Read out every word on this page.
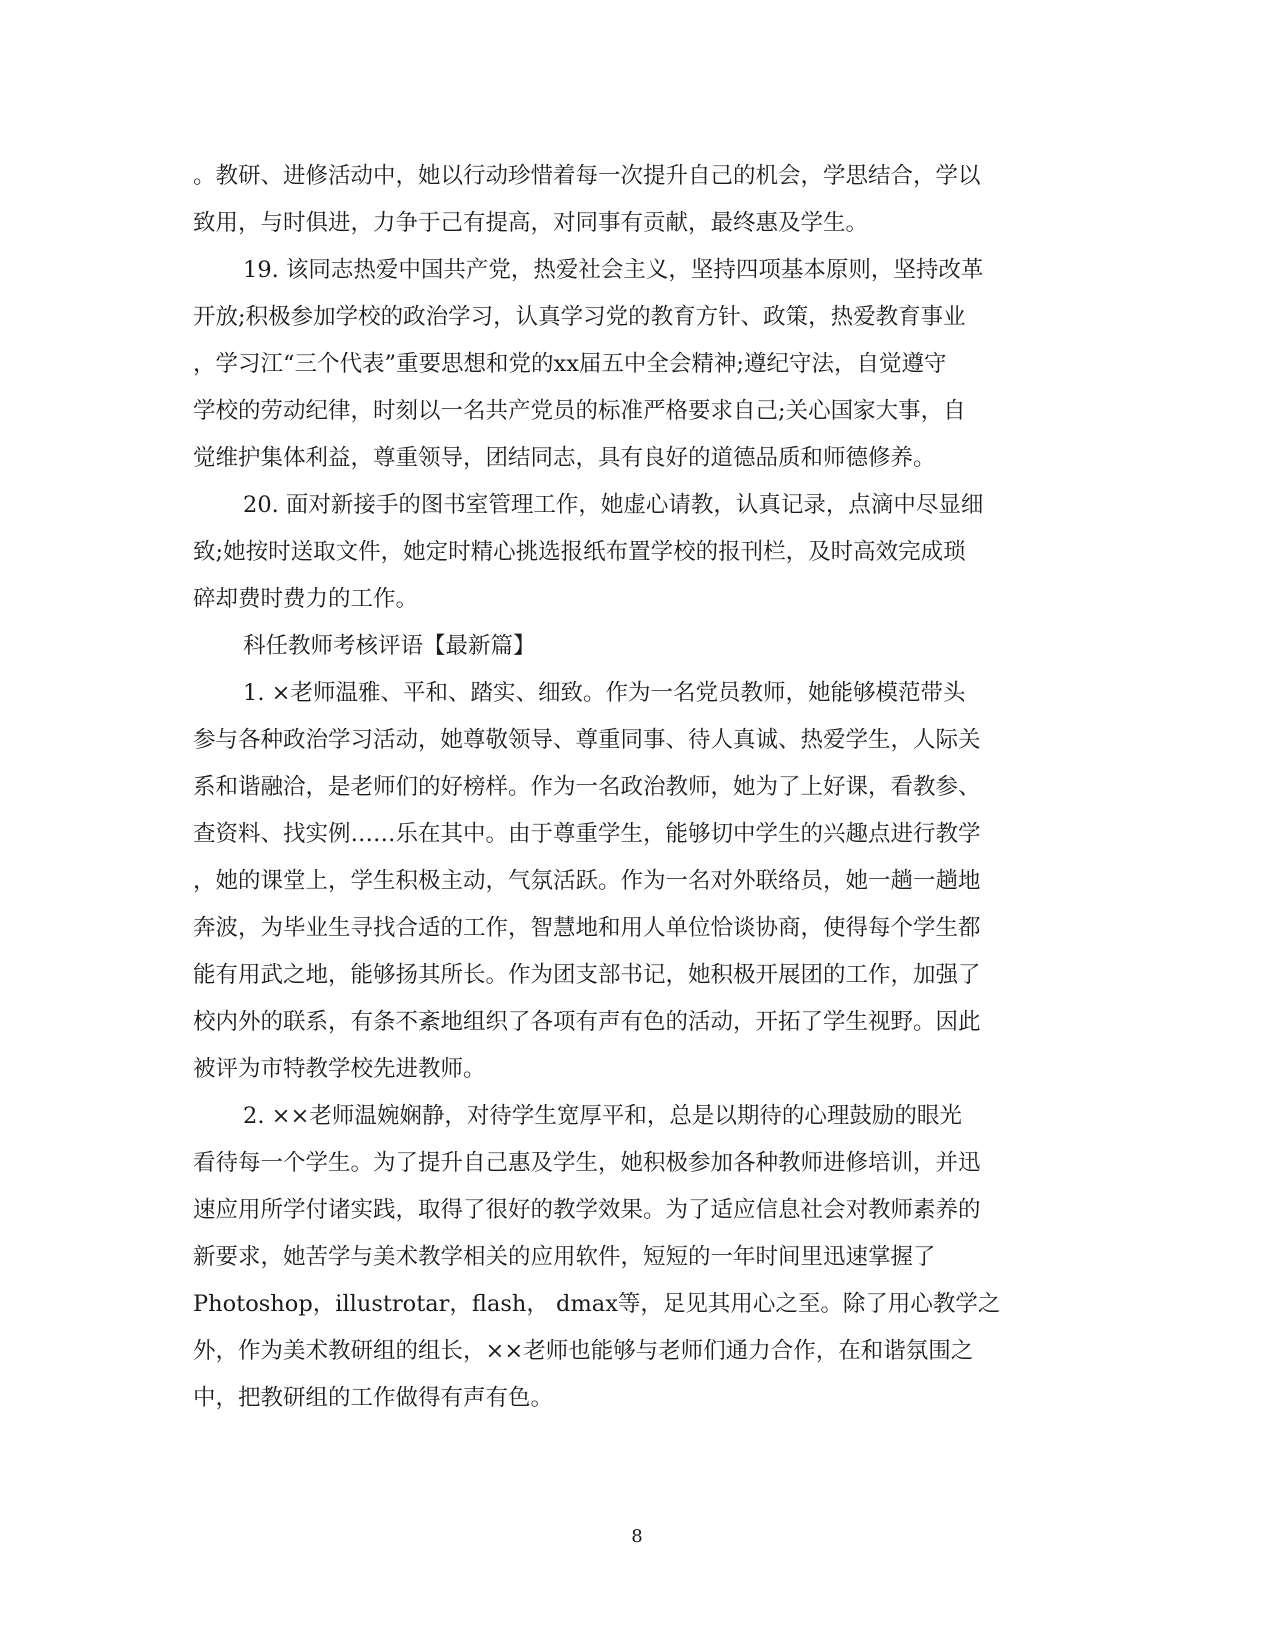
。教研、进修活动中，她以行动珍惜着每一次提升自己的机会，学思结合，学以
致用，与时俱进，力争于己有提高，对同事有贡献，最终惠及学生。
19. 该同志热爱中国共产党，热爱社会主义，坚持四项基本原则，坚持改革
开放;积极参加学校的政治学习，认真学习党的教育方针、政策，热爱教育事业
，学习江“三个代表”重要思想和党的xx届五中全会精神;遵纪守法，自觉遵守
学校的劳动纪律，时刻以一名共产党员的标准严格要求自己;关心国家大事，自
觉维护集体利益，尊重领导，团结同志，具有良好的道德品质和师德修养。
20. 面对新接手的图书室管理工作，她虚心请教，认真记录，点滴中尽显细
致;她按时送取文件，她定时精心挑选报纸布置学校的报刊栏，及时高效完成琐
碎却费时费力的工作。
科任教师考核评语【最新篇】
1. ×老师温雅、平和、踏实、细致。作为一名党员教师，她能够模范带头
参与各种政治学习活动，她尊敬领导、尊重同事、待人真诚、热爱学生，人际关
系和谐融洽，是老师们的好榜样。作为一名政治教师，她为了上好课，看教参、
查资料、找实例……乐在其中。由于尊重学生，能够切中学生的兴趣点进行教学
，她的课堂上，学生积极主动，气氛活跃。作为一名对外联络员，她一趟一趟地
奔波，为毕业生寻找合适的工作，智慧地和用人单位恰谈协商，使得每个学生都
能有用武之地，能够扬其所长。作为团支部书记，她积极开展团的工作，加强了
校内外的联系，有条不紊地组织了各项有声有色的活动，开拓了学生视野。因此
被评为市特教学校先进教师。
2. ××老师温婉娴静，对待学生宽厚平和，总是以期待的心理鼓励的眼光
看待每一个学生。为了提升自己惠及学生，她积极参加各种教师进修培训，并迅
速应用所学付诸实践，取得了很好的教学效果。为了适应信息社会对教师素养的
新要求，她苦学与美术教学相关的应用软件，短短的一年时间里迅速掌握了
Photoshop，illustrotar，flash， dmax等，足见其用心之至。除了用心教学之
外，作为美术教研组的组长，××老师也能够与老师们通力合作，在和谐氛围之
中，把教研组的工作做得有声有色。
8
